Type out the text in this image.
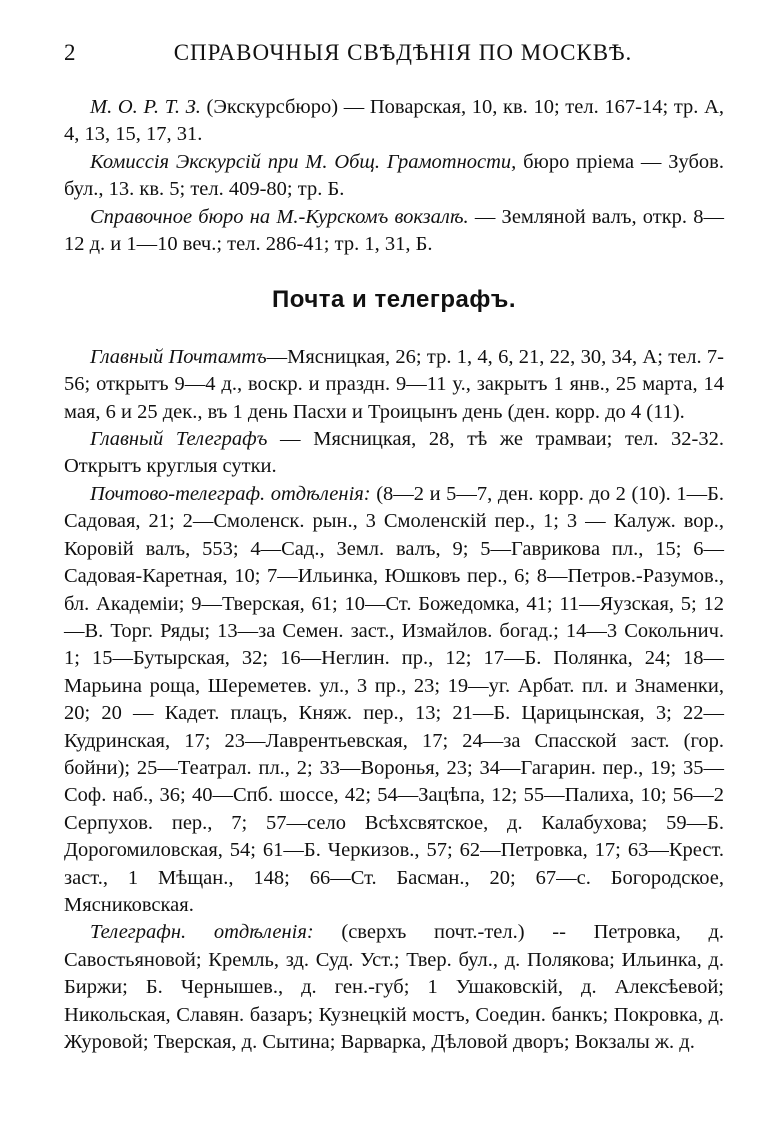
2	СПРАВОЧНЫЯ СВѢДѢНІЯ ПО МОСКВѢ.

М. О. Р. Т. З. (Экскурсбюро) — Поварская, 10, кв. 10; тел. 167-14; тр. А, 4, 13, 15, 17, 31.

Комиссія Экскурсій при М. Общ. Грамотности, бюро пріема — Зубов. бул., 13. кв. 5; тел. 409-80; тр. Б.

Справочное бюро на М.-Курскомъ вокзалѣ. — Земляной валъ, откр. 8—12 д. и 1—10 веч.; тел. 286-41; тр. 1, 31, Б.

Почта и телеграфъ.

Главный Почтамтъ—Мясницкая, 26; тр. 1, 4, 6, 21, 22, 30, 34, А; тел. 7-56; открытъ 9—4 д., воскр. и праздн. 9—11 у., закрытъ 1 янв., 25 марта, 14 мая, 6 и 25 дек., въ 1 день Пасхи и Троицынъ день (ден. корр. до 4 (11).

Главный Телеграфъ — Мясницкая, 28, тѣ же трамваи; тел. 32-32. Открытъ круглыя сутки.

Почтово-телеграф. отдѣленія: (8—2 и 5—7, ден. корр. до 2 (10). 1—Б. Садовая, 21; 2—Смоленск. рын., 3 Смоленскій пер., 1; 3 — Калуж. вор., Коровій валъ, 553; 4—Сад., Земл. валъ, 9; 5—Гаврикова пл., 15; 6—Садовая-Каретная, 10; 7—Ильинка, Юшковъ пер., 6; 8—Петров.-Разумов., бл. Академіи; 9—Тверская, 61; 10—Ст. Божедомка, 41; 11—Яузская, 5; 12—В. Торг. Ряды; 13—за Семен. заст., Измайлов. богад.; 14—3 Сокольнич. 1; 15—Бутырская, 32; 16—Неглин. пр., 12; 17—Б. Полянка, 24; 18—Марьина роща, Шереметев. ул., 3 пр., 23; 19—уг. Арбат. пл. и Знаменки, 20; 20 — Кадет. плацъ, Княж. пер., 13; 21—Б. Царицынская, 3; 22—Кудринская, 17; 23—Лаврентьевская, 17; 24—за Спасской заст. (гор. бойни); 25—Театрал. пл., 2; 33—Воронья, 23; 34—Гагарин. пер., 19; 35—Соф. наб., 36; 40—Спб. шоссе, 42; 54—Зацѣпа, 12; 55—Палиха, 10; 56—2 Серпухов. пер., 7; 57—село Всѣхсвятское, д. Калабухова; 59—Б. Дорогомиловская, 54; 61—Б. Черкизов., 57; 62—Петровка, 17; 63—Крест. заст., 1 Мѣщан., 148; 66—Ст. Басман., 20; 67—с. Богородское, Мясниковская.

Телеграфн. отдѣленія: (сверхъ почт.-тел.) -- Петровка, д. Савостьяновой; Кремль, зд. Суд. Уст.; Твер. бул., д. Полякова; Ильинка, д. Биржи; Б. Чернышев., д. ген.-губ; 1 Ушаковскій, д. Алексѣевой; Никольская, Славян. базаръ; Кузнецкій мостъ, Соедин. банкъ; Покровка, д. Журовой; Тверская, д. Сытина; Варварка, Дѣловой дворъ; Вокзалы ж. д.
